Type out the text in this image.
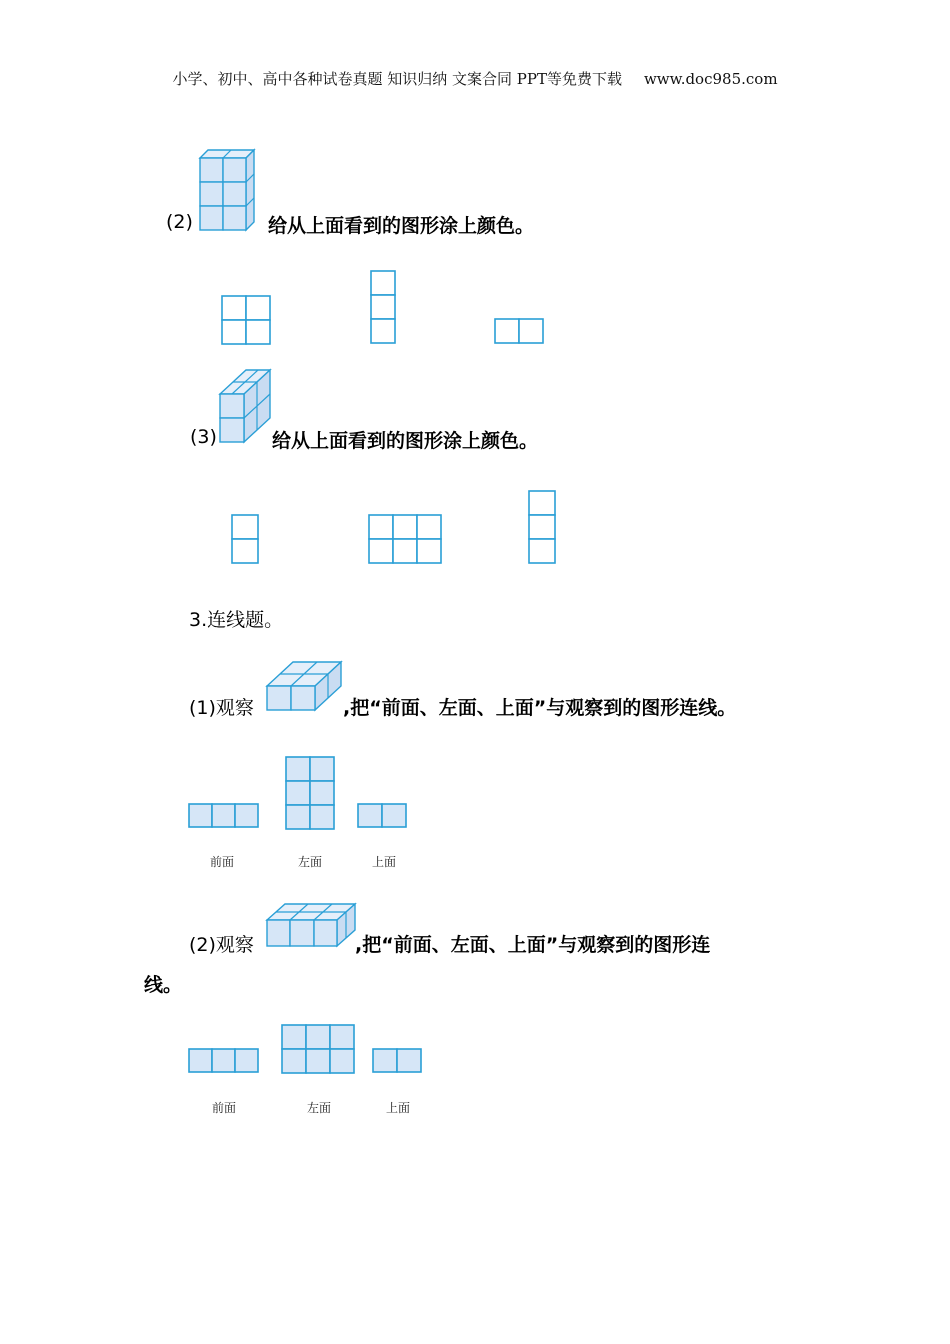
小学、初中、高中各种试卷真题 知识归纳 文案合同 PPT等免费下载 www.doc985.com
(2)	给从上面看到的图形涂上颜色。
(3)	给从上面看到的图形涂上颜色。
3.连线题。
(1)观察	,把“前面、左面、上面”与观察到的图形连线。
前面	左面	上面
(2)观察	,把“前面、左面、上面”与观察到的图形连
线。
前面	左面	上面
